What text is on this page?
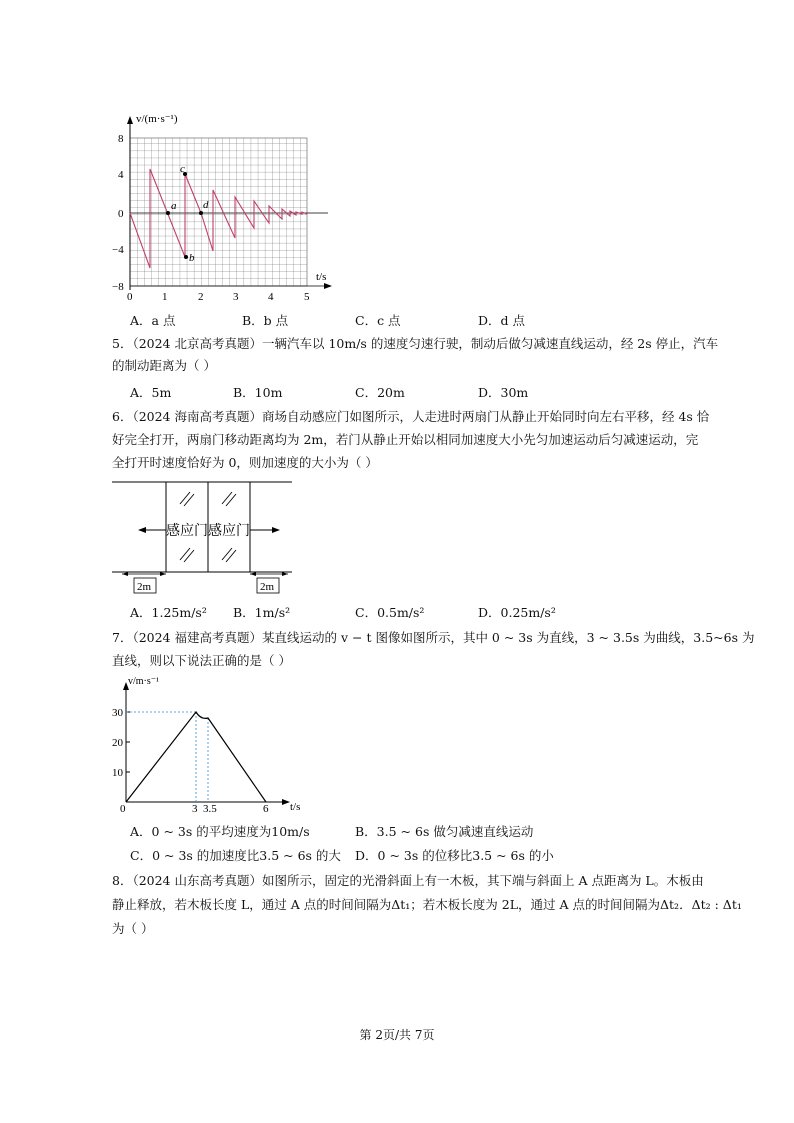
a
b
c
d
v/(m·s⁻¹)
t/s
8
4
0
−4
−8
0	1	2	3	4	5
A．a 点	B．b 点	C．c 点	D．d 点
5．（2024 北京高考真题）一辆汽车以 10m/s 的速度匀速行驶，制动后做匀减速直线运动，经 2s 停止，汽车
的制动距离为（ ）
A．5m	B．10m	C．20m	D．30m
6．（2024 海南高考真题）商场自动感应门如图所示，人走进时两扇门从静止开始同时向左右平移，经 4s 恰
好完全打开，两扇门移动距离均为 2m，若门从静止开始以相同加速度大小先匀加速运动后匀减速运动，完
全打开时速度恰好为 0，则加速度的大小为（ ）
感应门 感应门
2m	2m
A．1.25m/s² B．1m/s²	C．0.5m/s²	D．0.25m/s²
7．（2024 福建高考真题）某直线运动的 v − t 图像如图所示，其中 0 ~ 3s 为直线，3 ~ 3.5s 为曲线，3.5~6s 为
直线，则以下说法正确的是（ ）
v/m·s⁻¹
t/s
30
20
10
0	3 3.5	6
A．0 ~ 3s 的平均速度为10m/s	B．3.5 ~ 6s 做匀减速直线运动
C．0 ~ 3s 的加速度比3.5 ~ 6s 的大 D．0 ~ 3s 的位移比3.5 ~ 6s 的小
8．（2024 山东高考真题）如图所示，固定的光滑斜面上有一木板，其下端与斜面上 A 点距离为 L。木板由
静止释放，若木板长度 L，通过 A 点的时间间隔为Δt₁；若木板长度为 2L，通过 A 点的时间间隔为Δt₂．Δt₂ : Δt₁
为（ ）
第 2页/共 7页
